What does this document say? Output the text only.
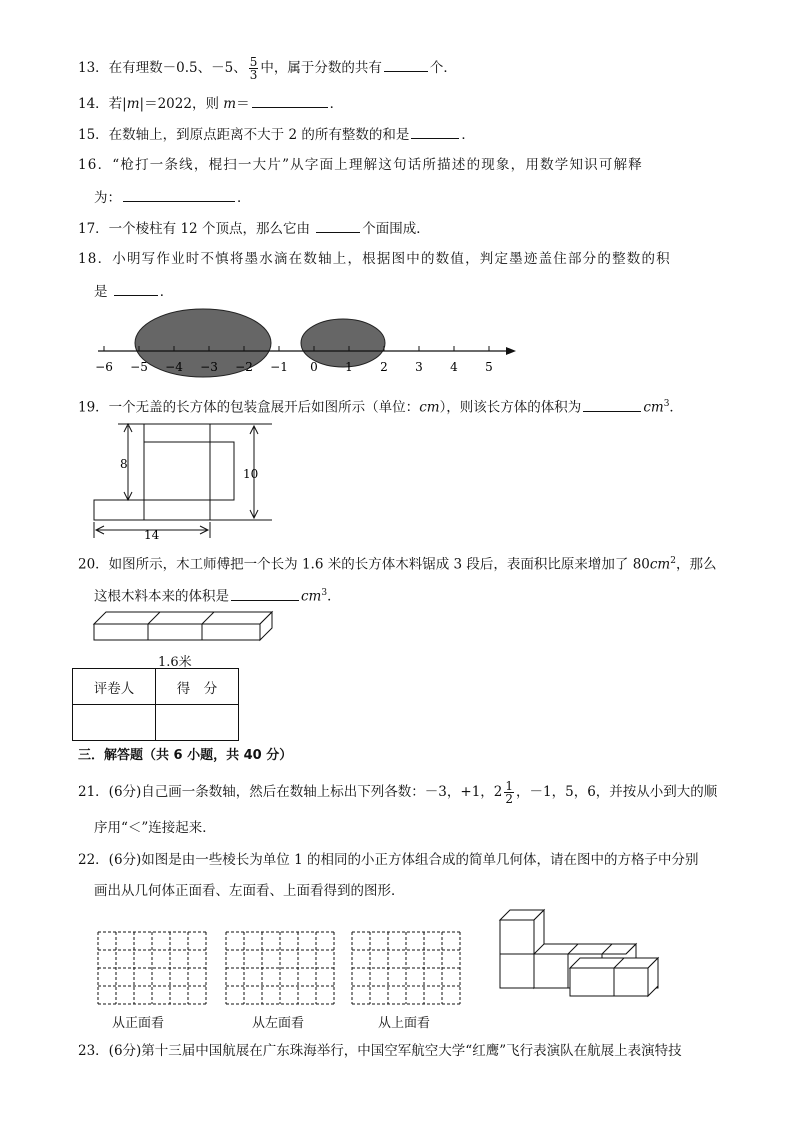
13．在有理数－0.5、－5、 $\frac{5}{3}$ 中，属于分数的共有	个．
14．若|m|＝2022，则 m＝	．
15．在数轴上，到原点距离不大于 2 的所有整数的和是	．
16．“枪打一条线，棍扫一大片”从字面上理解这句话所描述的现象，用数学知识可解释
为：	．
17．一个棱柱有 12 个顶点，那么它由	个面围成．
18．小明写作业时不慎将墨水滴在数轴上，根据图中的数值，判定墨迹盖住部分的整数的积
是	．
−6 −5 −4 −3 −2 −1 0 1 2 3 4 5
19．一个无盖的长方体的包装盒展开后如图所示（单位：cm），则该长方体的体积为	$cm^3$．
8
10
14
20．如图所示，木工师傅把一个长为 1.6 米的长方体木料锯成 3 段后，表面积比原来增加了 $80cm^2$，那么
这根木料本来的体积是	$cm^3$．
1.6米
评卷人	得　分

三．解答题（共 6 小题，共 40 分）
21．(6分)自己画一条数轴，然后在数轴上标出下列各数：－3，+1，$2 \frac{1}{2}$ ，－1，5，6，并按从小到大的顺
序用“＜”连接起来．
22．(6分)如图是由一些棱长为单位 1 的相同的小正方体组合成的简单几何体，请在图中的方格子中分别
画出从几何体正面看、左面看、上面看得到的图形．
从正面看	从左面看	从上面看
23．(6分)第十三届中国航展在广东珠海举行，中国空军航空大学“红鹰”飞行表演队在航展上表演特技
